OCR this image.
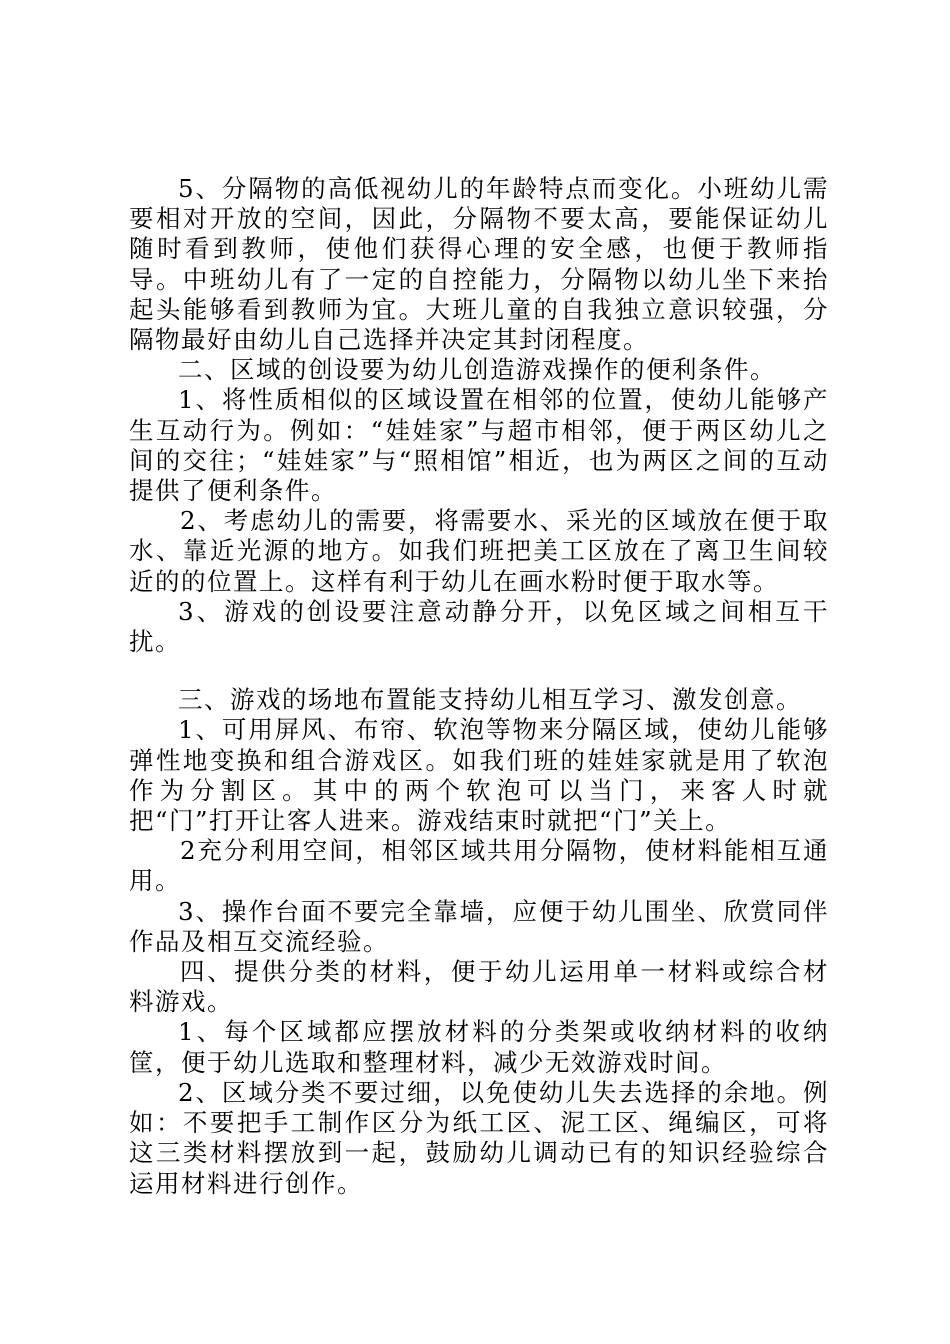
5、分隔物的高低视幼儿的年龄特点而变化。小班幼儿需要相对开放的空间，因此，分隔物不要太高，要能保证幼儿随时看到教师，使他们获得心理的安全感，也便于教师指导。中班幼儿有了一定的自控能力，分隔物以幼儿坐下来抬起头能够看到教师为宜。大班儿童的自我独立意识较强，分隔物最好由幼儿自己选择并决定其封闭程度。

二、区域的创设要为幼儿创造游戏操作的便利条件。

1、将性质相似的区域设置在相邻的位置，使幼儿能够产生互动行为。例如：“娃娃家”与超市相邻，便于两区幼儿之间的交往；“娃娃家”与“照相馆”相近，也为两区之间的互动提供了便利条件。

2、考虑幼儿的需要，将需要水、采光的区域放在便于取水、靠近光源的地方。如我们班把美工区放在了离卫生间较近的的位置上。这样有利于幼儿在画水粉时便于取水等。

3、游戏的创设要注意动静分开，以免区域之间相互干扰。

三、游戏的场地布置能支持幼儿相互学习、激发创意。

1、可用屏风、布帘、软泡等物来分隔区域，使幼儿能够弹性地变换和组合游戏区。如我们班的娃娃家就是用了软泡作为分割区。其中的两个软泡可以当门，来客人时就把“门”打开让客人进来。游戏结束时就把“门”关上。

2充分利用空间，相邻区域共用分隔物，使材料能相互通用。

3、操作台面不要完全靠墙，应便于幼儿围坐、欣赏同伴作品及相互交流经验。

四、提供分类的材料，便于幼儿运用单一材料或综合材料游戏。

1、每个区域都应摆放材料的分类架或收纳材料的收纳筐，便于幼儿选取和整理材料，减少无效游戏时间。

2、区域分类不要过细，以免使幼儿失去选择的余地。例如：不要把手工制作区分为纸工区、泥工区、绳编区，可将这三类材料摆放到一起，鼓励幼儿调动已有的知识经验综合运用材料进行创作。
